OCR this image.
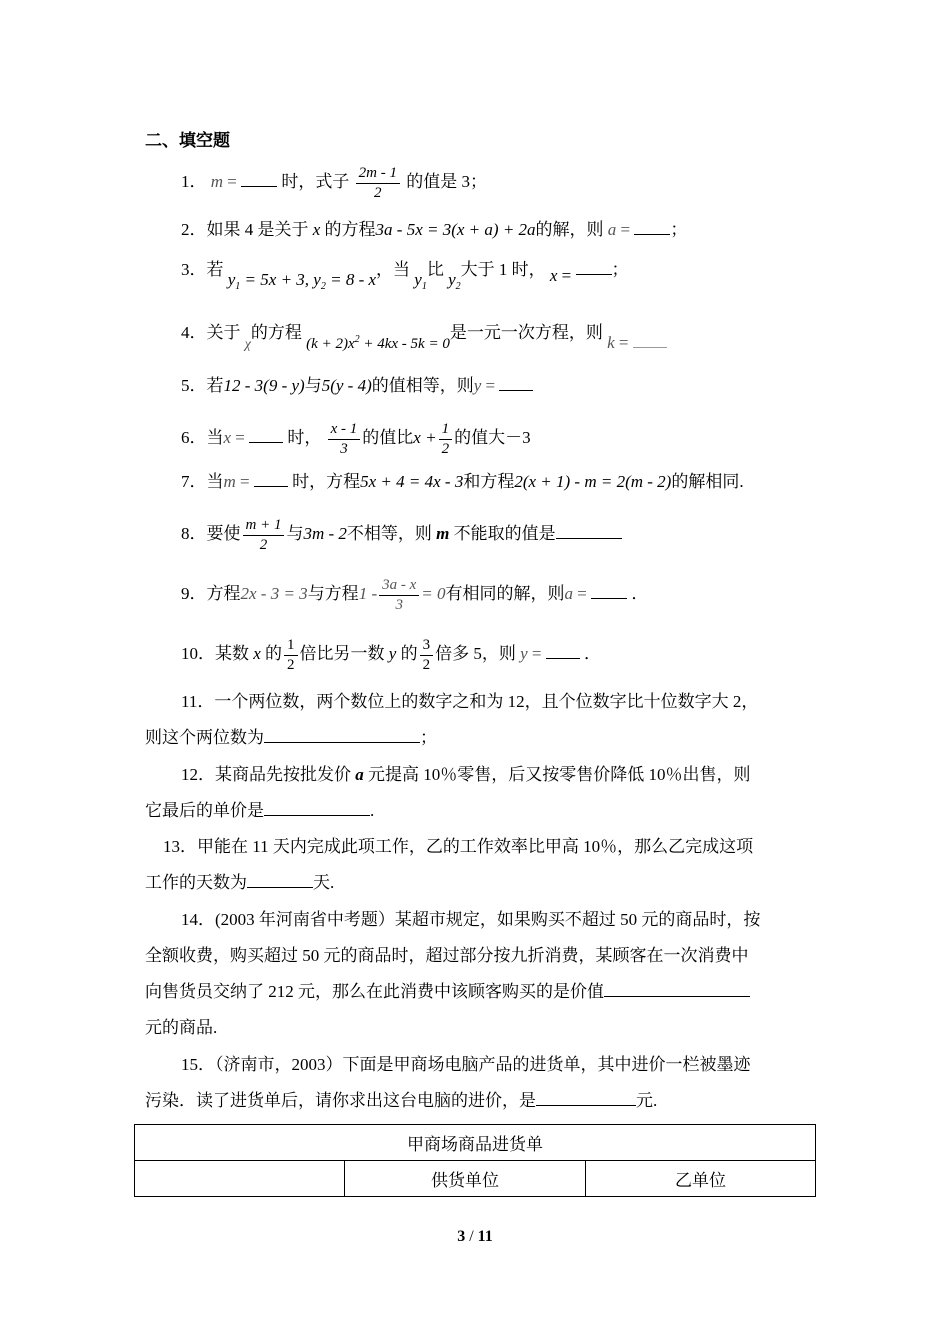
二、填空题
1． m =	时，式子 $\frac{2m - 1}{2}$ 的值是 3；
2．如果 4 是关于 x 的方程3a - 5x = 3(x + a) + 2a的解，则 a = ；
3．若 $y_1 = 5x + 3$, $y_2 = 8 - x$，当 $y_1$比 $y_2$大于 1 时， x = ；
4．关于 $_\chi$的方程 $(k + 2)x^2 + 4kx - 5k = 0$是一元一次方程，则 k =
5．若12 - 3(9 - y)与5(y - 4)的值相等，则y =
6．当x =	时， $\frac{x - 1}{3}$ 的值比$x + \frac{1}{2}$ 的值大－3
7．当m =	时，方程5x + 4 = 4x - 3和方程2(x + 1) - m = 2(m - 2)的解相同.
8．要使 $\frac{m + 1}{2}$ 与3m - 2不相等，则 m 不能取的值是
9．方程2x - 3 = 3与方程$1 - \frac{3a - x}{3} = 0$有相同的解，则a =	．
10．某数 x 的 $\frac{1}{2}$ 倍比另一数 y 的 $\frac{3}{2}$ 倍多 5，则 y =	．
11．一个两位数，两个数位上的数字之和为 12，且个位数字比十位数字大 2，
则这个两位数为	；
12．某商品先按批发价 a 元提高 10％零售，后又按零售价降低 10％出售，则
它最后的单价是	.
13．甲能在 11 天内完成此项工作，乙的工作效率比甲高 10％，那么乙完成这项
工作的天数为	天.
14．(2003 年河南省中考题）某超市规定，如果购买不超过 50 元的商品时，按
全额收费，购买超过 50 元的商品时，超过部分按九折消费，某顾客在一次消费中
向售货员交纳了 212 元，那么在此消费中该顾客购买的是价值
元的商品.
15．（济南市，2003）下面是甲商场电脑产品的进货单，其中进价一栏被墨迹
污染．读了进货单后，请你求出这台电脑的进价，是	元.
甲商场商品进货单
	供货单位	乙单位
3 / 11
